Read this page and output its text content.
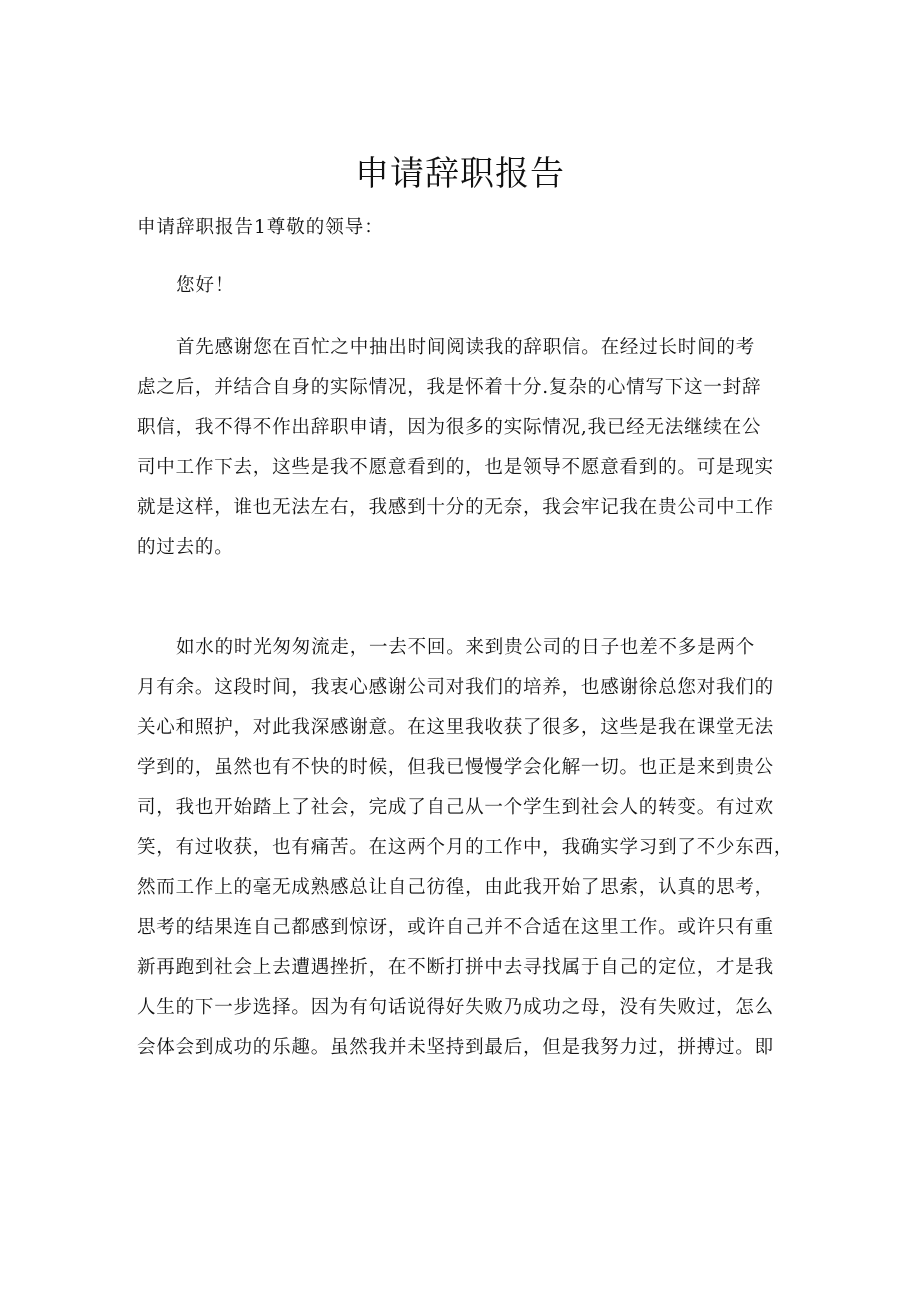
申请辞职报告
申请辞职报告1尊敬的领导：
您好！
首先感谢您在百忙之中抽出时间阅读我的辞职信。在经过长时间的考
虑之后，并结合自身的实际情况，我是怀着十分.复杂的心情写下这一封辞
职信，我不得不作出辞职申请，因为很多的实际情况,我已经无法继续在公
司中工作下去，这些是我不愿意看到的，也是领导不愿意看到的。可是现实
就是这样，谁也无法左右，我感到十分的无奈，我会牢记我在贵公司中工作
的过去的。
如水的时光匆匆流走，一去不回。来到贵公司的日子也差不多是两个
月有余。这段时间，我衷心感谢公司对我们的培养，也感谢徐总您对我们的
关心和照护，对此我深感谢意。在这里我收获了很多，这些是我在课堂无法
学到的，虽然也有不快的时候，但我已慢慢学会化解一切。也正是来到贵公
司，我也开始踏上了社会，完成了自己从一个学生到社会人的转变。有过欢
笑，有过收获，也有痛苦。在这两个月的工作中，我确实学习到了不少东西，
然而工作上的毫无成熟感总让自己彷徨，由此我开始了思索，认真的思考，
思考的结果连自己都感到惊讶，或许自己并不合适在这里工作。或许只有重
新再跑到社会上去遭遇挫折，在不断打拼中去寻找属于自己的定位，才是我
人生的下一步选择。因为有句话说得好失败乃成功之母，没有失败过，怎么
会体会到成功的乐趣。虽然我并未坚持到最后，但是我努力过，拼搏过。即
